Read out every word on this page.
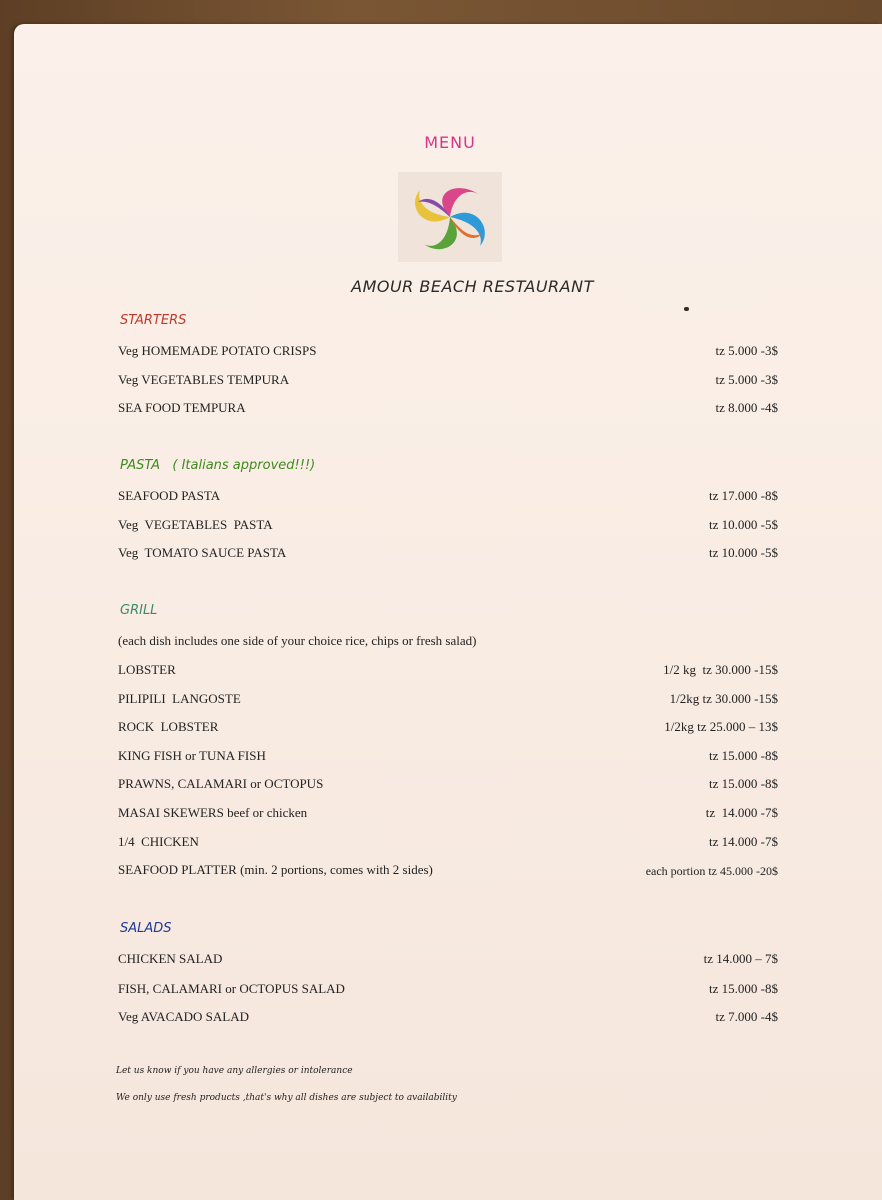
MENU
AMOUR BEACH RESTAURANT
STARTERS
Veg HOMEMADE POTATO CRISPS	tz 5.000 -3$
Veg VEGETABLES TEMPURA	tz 5.000 -3$
SEA FOOD TEMPURA	tz 8.000 -4$
PASTA   ( Italians approved!!!)
SEAFOOD PASTA	tz 17.000 -8$
Veg  VEGETABLES  PASTA	tz 10.000 -5$
Veg  TOMATO SAUCE PASTA	tz 10.000 -5$
GRILL
(each dish includes one side of your choice rice, chips or fresh salad)
LOBSTER	1/2 kg  tz 30.000 -15$
PILIPILI  LANGOSTE	1/2kg tz 30.000 -15$
ROCK  LOBSTER	1/2kg tz 25.000 – 13$
KING FISH or TUNA FISH	tz 15.000 -8$
PRAWNS, CALAMARI or OCTOPUS	tz 15.000 -8$
MASAI SKEWERS beef or chicken	tz  14.000 -7$
1/4  CHICKEN	tz 14.000 -7$
SEAFOOD PLATTER (min. 2 portions, comes with 2 sides)	each portion tz 45.000 -20$
SALADS
CHICKEN SALAD	tz 14.000 – 7$
FISH, CALAMARI or OCTOPUS SALAD	tz 15.000 -8$
Veg AVACADO SALAD	tz 7.000 -4$
Let us know if you have any allergies or intolerance
We only use fresh products ,that's why all dishes are subject to availability
